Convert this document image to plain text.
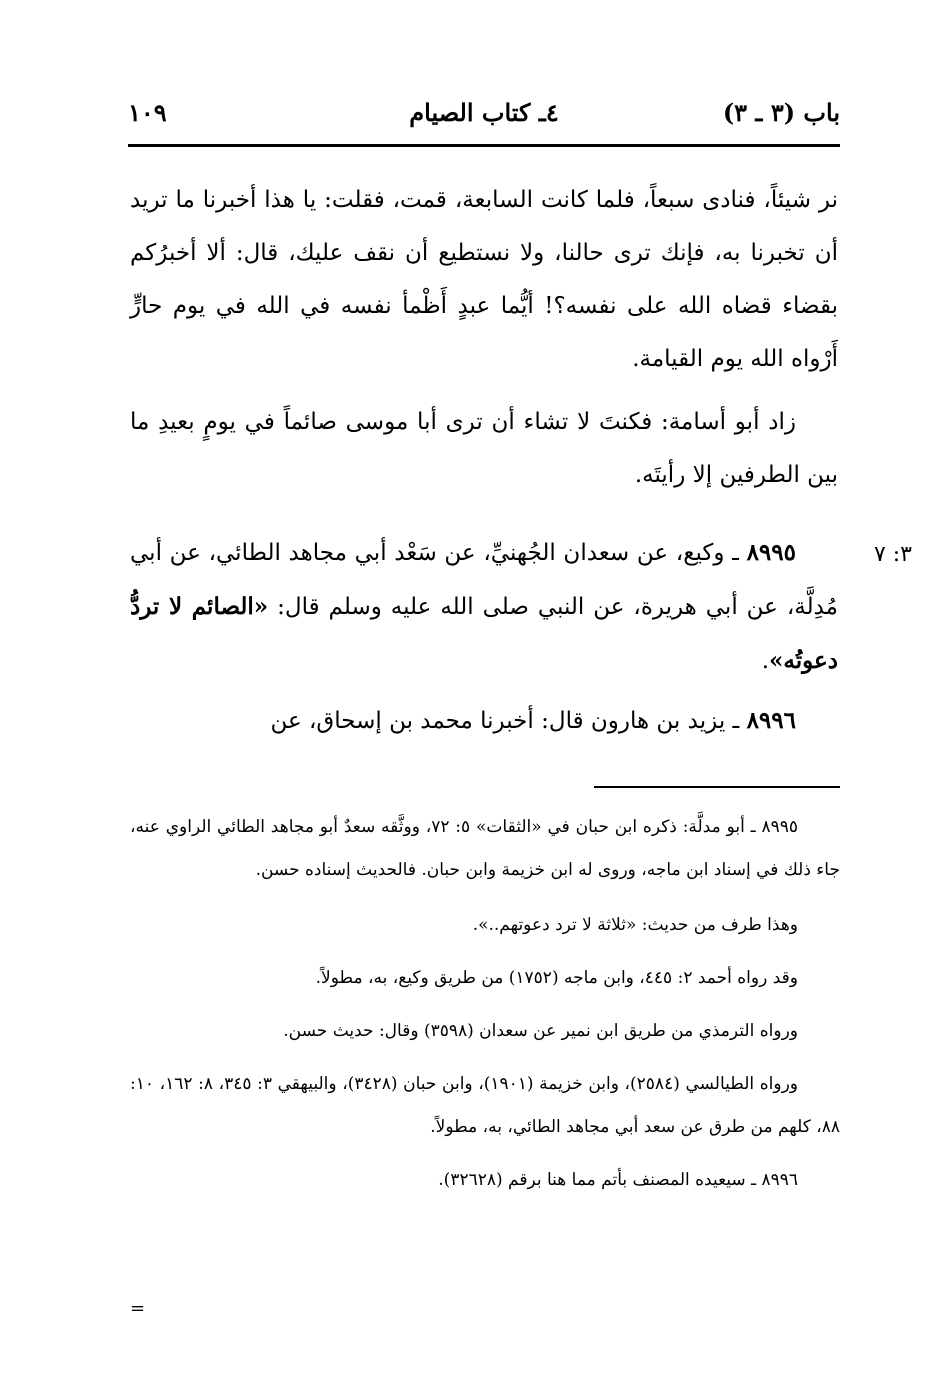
باب (٣ ـ ٣)
٤ـ كتاب الصيام
١٠٩
نر شيئاً، فنادى سبعاً، فلما كانت السابعة، قمت، فقلت: يا هذا أخبرنا ما تريد أن تخبرنا به، فإنك ترى حالنا، ولا نستطيع أن نقف عليك، قال: ألا أخبرُكم بقضاء قضاه الله على نفسه؟! أيُّما عبدٍ أَظْمأ نفسه في الله في يوم حارٍّ أَرْواه الله يوم القيامة.
زاد أبو أسامة: فكنتَ لا تشاء أن ترى أبا موسى صائماً في يومٍ بعيدِ ما بين الطرفين إلا رأيتَه.
٣: ٧
٨٩٩٥ ـ وكيع، عن سعدان الجُهنيِّ، عن سَعْد أبي مجاهد الطائي، عن أبي مُدِلَّة، عن أبي هريرة، عن النبي صلى الله عليه وسلم قال: «الصائم لا تردُّ دعوتُه».
٨٩٩٦ ـ يزيد بن هارون قال: أخبرنا محمد بن إسحاق، عن

٨٩٩٥ ـ أبو مدلَّة: ذكره ابن حبان في «الثقات» ٥: ٧٢، ووثَّقه سعدٌ أبو مجاهد الطائي الراوي عنه، جاء ذلك في إسناد ابن ماجه، وروى له ابن خزيمة وابن حبان. فالحديث إسناده حسن.

وهذا طرف من حديث: «ثلاثة لا ترد دعوتهم..».

وقد رواه أحمد ٢: ٤٤٥، وابن ماجه (١٧٥٢) من طريق وكيع، به، مطولاً.

ورواه الترمذي من طريق ابن نمير عن سعدان (٣٥٩٨) وقال: حديث حسن.

ورواه الطيالسي (٢٥٨٤)، وابن خزيمة (١٩٠١)، وابن حبان (٣٤٢٨)، والبيهقي ٣: ٣٤٥، ٨: ١٦٢، ١٠: ٨٨، كلهم من طرق عن سعد أبي مجاهد الطائي، به، مطولاً.

٨٩٩٦ ـ سيعيده المصنف بأتم مما هنا برقم (٣٢٦٢٨).

=
